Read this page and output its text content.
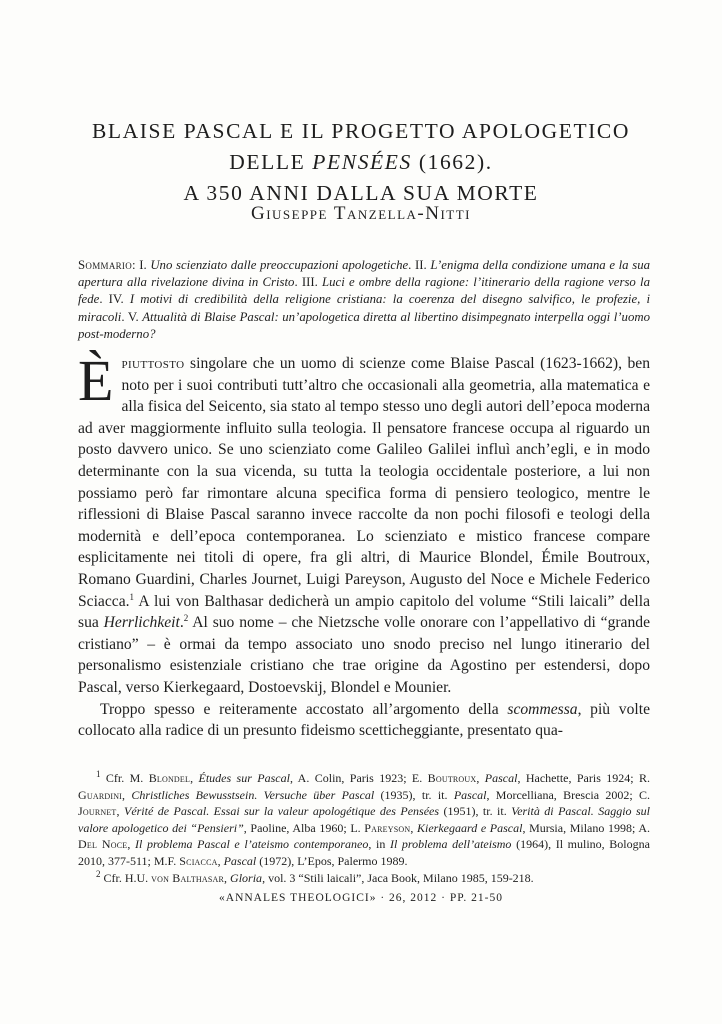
BLAISE PASCAL E IL PROGETTO APOLOGETICO
DELLE PENSÉES (1662).
A 350 ANNI DALLA SUA MORTE
Giuseppe Tanzella-Nitti
Sommario: I. Uno scienziato dalle preoccupazioni apologetiche. II. L’enigma della condizione umana e la sua apertura alla rivelazione divina in Cristo. III. Luci e ombre della ragione: l’itinerario della ragione verso la fede. IV. I motivi di credibilità della religione cristiana: la coerenza del disegno salvifico, le profezie, i miracoli. V. Attualità di Blaise Pascal: un’apologetica diretta al libertino disimpegnato interpella oggi l’uomo post-moderno?

Èpiuttosto singolare che un uomo di scienze come Blaise Pascal (1623-1662), ben noto per i suoi contributi tutt’altro che occasionali alla geometria, alla matematica e alla fisica del Seicento, sia stato al tempo stesso uno degli autori dell’epoca moderna ad aver maggiormente influito sulla teologia. Il pensatore francese occupa al riguardo un posto davvero unico. Se uno scienziato come Galileo Galilei influì anch’egli, e in modo determinante con la sua vicenda, su tutta la teologia occidentale posteriore, a lui non possiamo però far rimontare alcuna specifica forma di pensiero teologico, mentre le riflessioni di Blaise Pascal saranno invece raccolte da non pochi filosofi e teologi della modernità e dell’epoca contemporanea. Lo scienziato e mistico francese compare esplicitamente nei titoli di opere, fra gli altri, di Maurice Blondel, Émile Boutroux, Romano Guardini, Charles Journet, Luigi Pareyson, Augusto del Noce e Michele Federico Sciacca.$^1$ A lui von Balthasar dedicherà un ampio capitolo del volume “Stili laicali” della sua Herrlichkeit.$^2$ Al suo nome – che Nietzsche volle onorare con l’appellativo di “grande cristiano” – è ormai da tempo associato uno snodo preciso nel lungo itinerario del personalismo esistenziale cristiano che trae origine da Agostino per estendersi, dopo Pascal, verso Kierkegaard, Dostoevskij, Blondel e Mounier.

Troppo spesso e reiteramente accostato all’argomento della scommessa, più volte collocato alla radice di un presunto fideismo scetticheggiante, presentato qua-

$^1$ Cfr. M. Blondel, Études sur Pascal, A. Colin, Paris 1923; E. Boutroux, Pascal, Hachette, Paris 1924; R. Guardini, Christliches Bewusstsein. Versuche über Pascal (1935), tr. it. Pascal, Morcelliana, Brescia 2002; C. Journet, Vérité de Pascal. Essai sur la valeur apologétique des Pensées (1951), tr. it. Verità di Pascal. Saggio sul valore apologetico dei “Pensieri”, Paoline, Alba 1960; L. Pareyson, Kierkegaard e Pascal, Mursia, Milano 1998; A. Del Noce, Il problema Pascal e l’ateismo contemporaneo, in Il problema dell’ateismo (1964), Il mulino, Bologna 2010, 377-511; M.F. Sciacca, Pascal (1972), L’Epos, Palermo 1989.

$^2$ Cfr. H.U. von Balthasar, Gloria, vol. 3 “Stili laicali”, Jaca Book, Milano 1985, 159-218.

«ANNALES THEOLOGICI» · 26, 2012 · PP. 21-50
